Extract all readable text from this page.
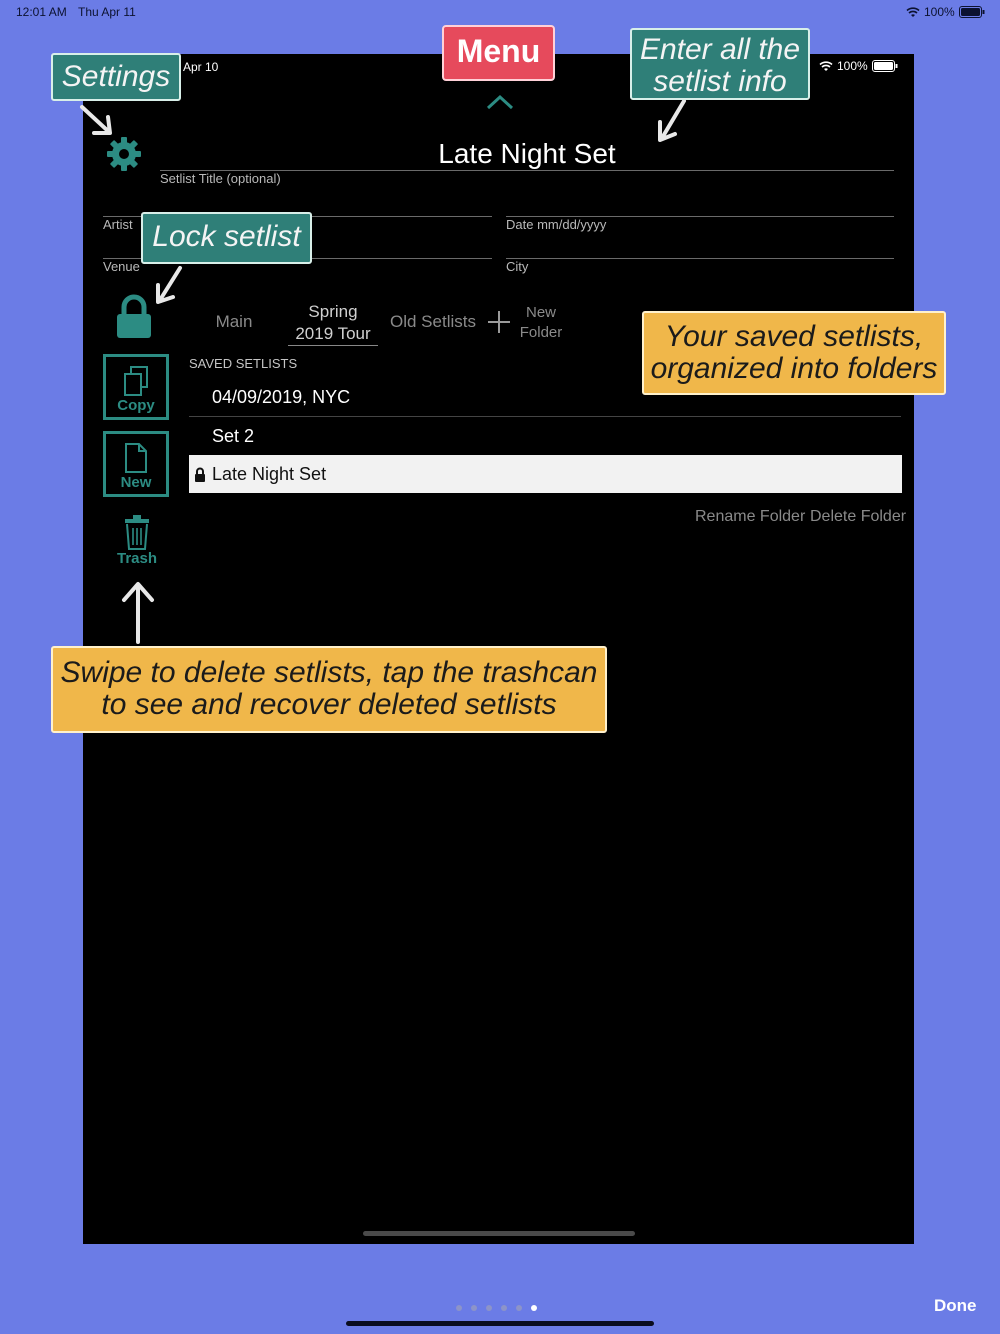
12:01 AM Thu Apr 11	100%
Apr 10	100%
Late Night Set
Setlist Title (optional)
Artist	Date mm/dd/yyyy
Venue	City
Main
Spring
2019 Tour
Old Setlists	New
Folder
Copy
New
Trash
SAVED SETLISTS
04/09/2019, NYC
Set 2
Late Night Set
Rename Folder Delete Folder
Settings
Menu	Enter all the
setlist info
Lock setlist
Your saved setlists,
organized into folders
Swipe to delete setlists, tap the trashcan
to see and recover deleted setlists
Done
